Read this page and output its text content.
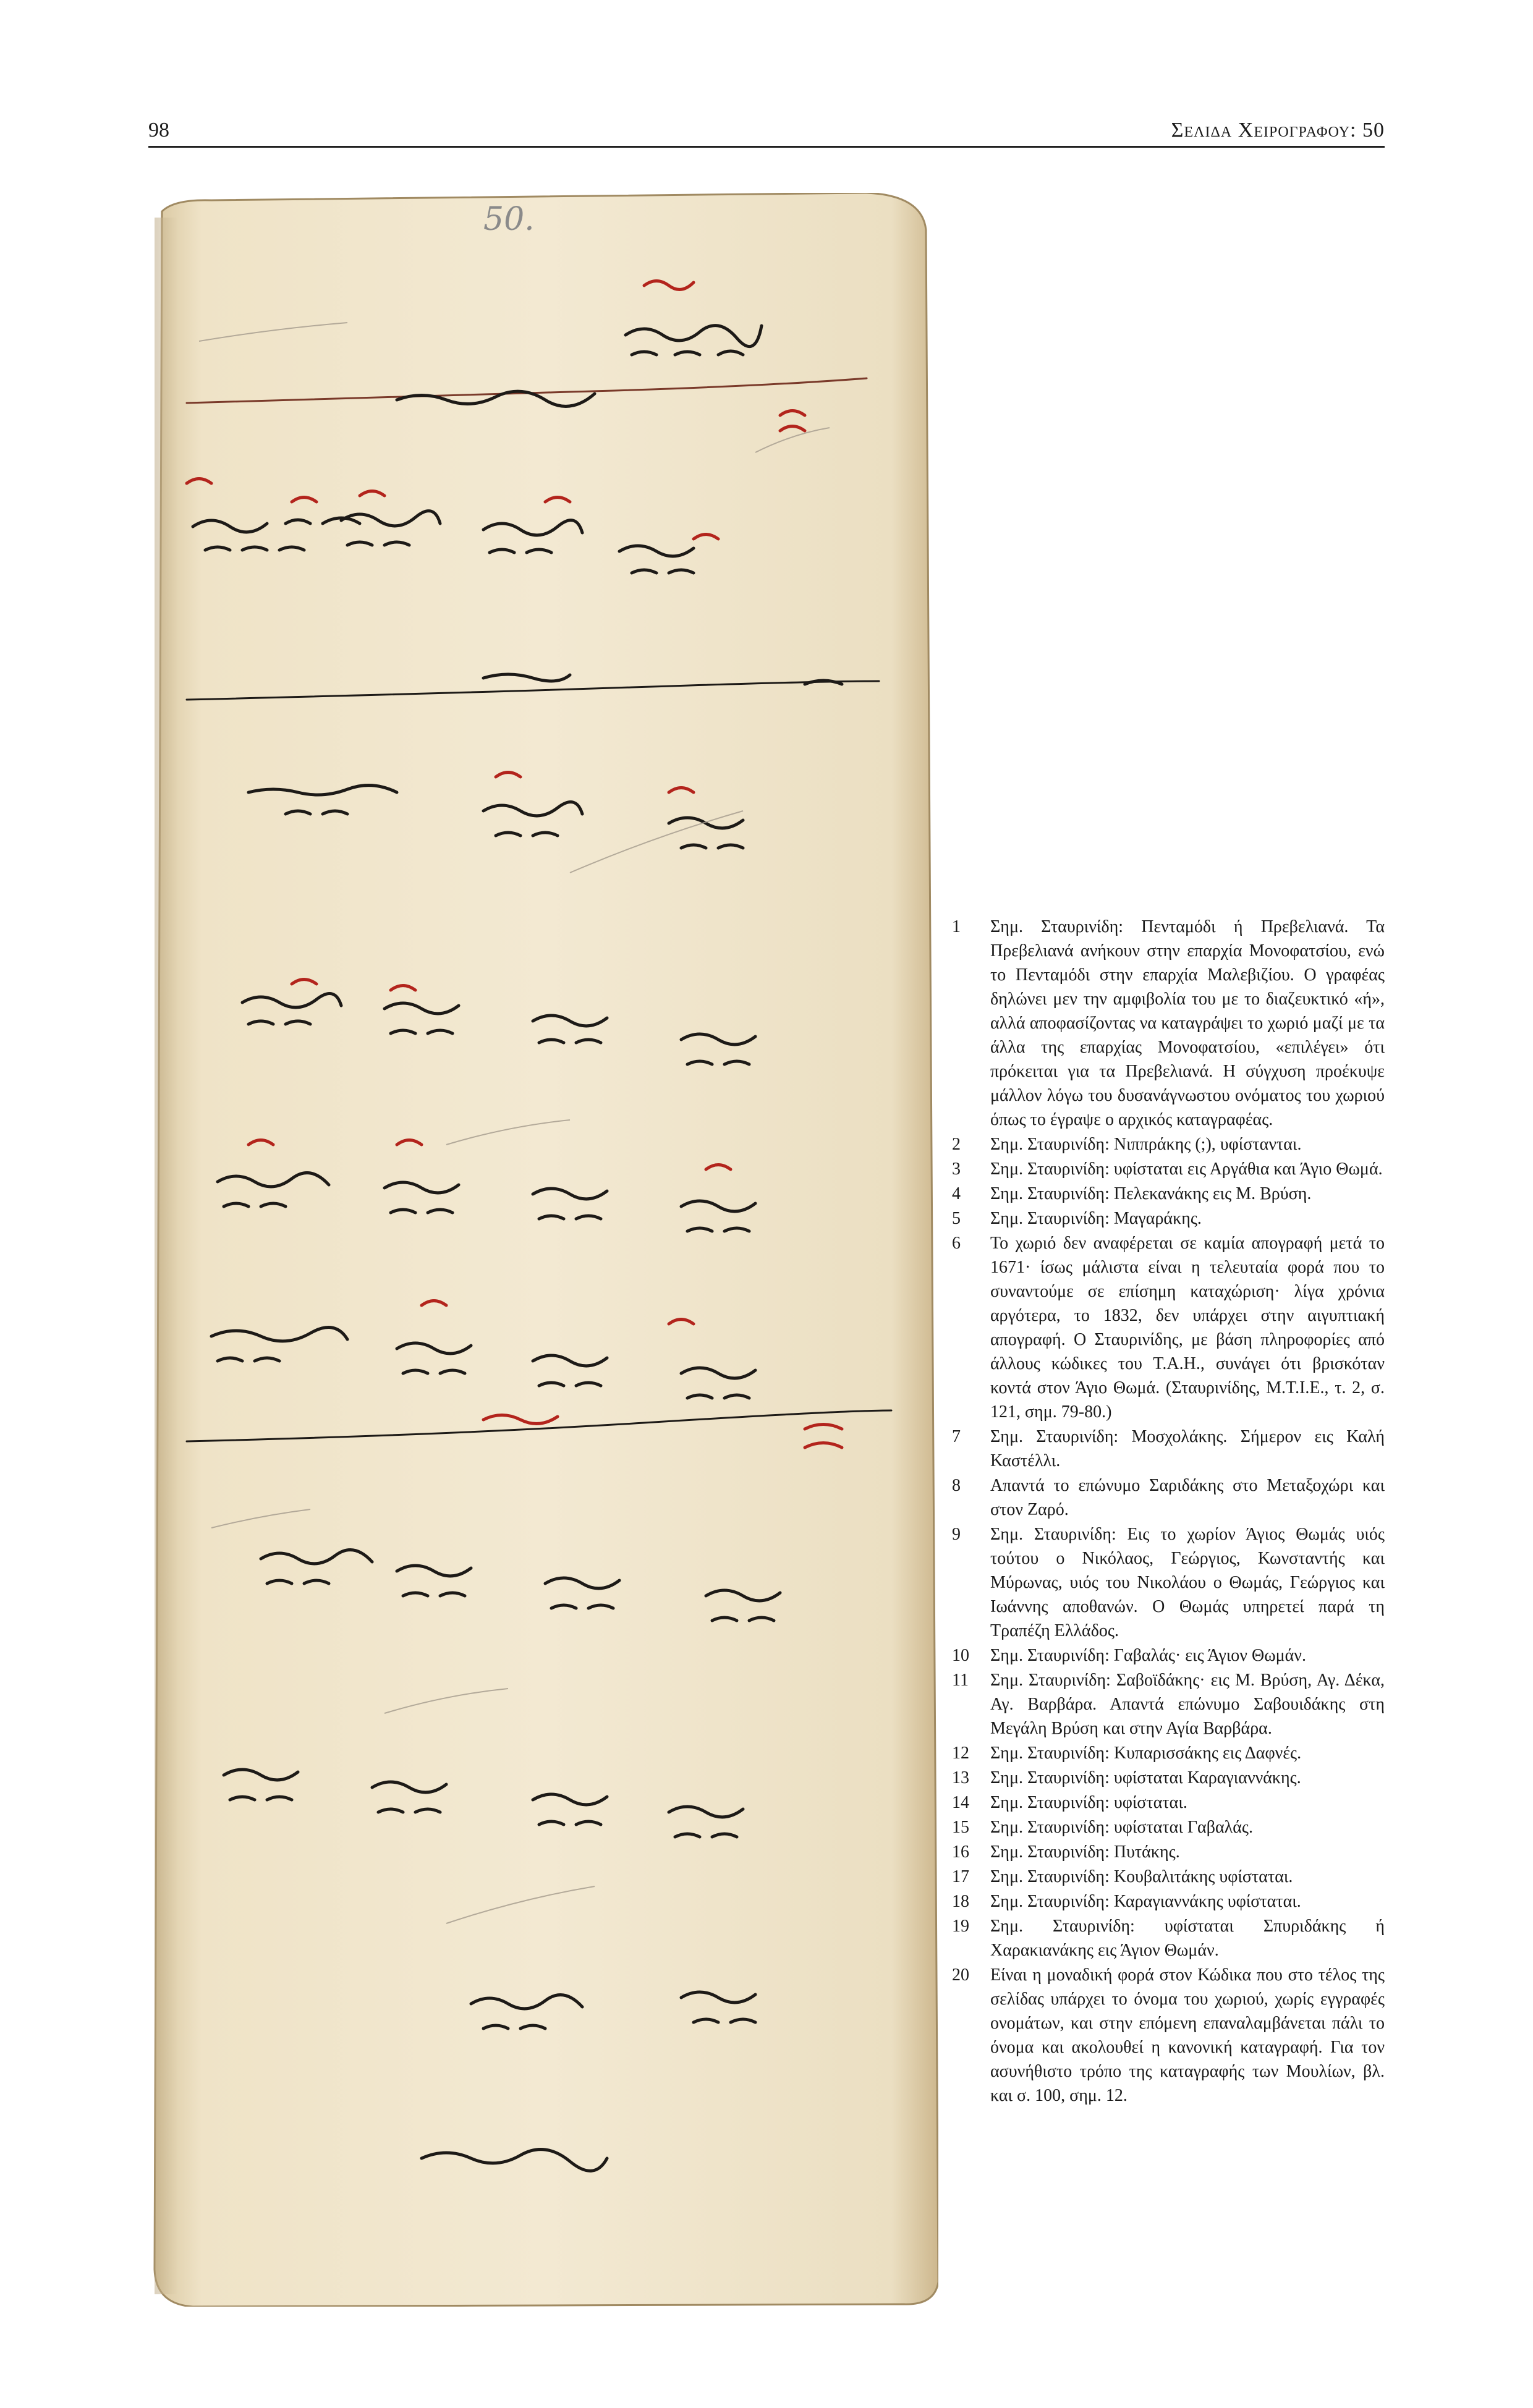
98	Σελιδα Χειρογραφου: 50
50.
1	Σημ. Σταυρινίδη: Πενταμόδι ή Πρεβελιανά. Τα Πρεβελιανά ανήκουν στην επαρχία Μονοφατσίου, ενώ το Πενταμόδι στην επαρχία Μαλεβιζίου. Ο γραφέας δηλώνει μεν την αμφιβολία του με το διαζευκτικό «ή», αλλά αποφασίζοντας να καταγράψει το χωριό μαζί με τα άλλα της επαρχίας Μονοφατσίου, «επιλέγει» ότι πρόκειται για τα Πρεβελιανά. Η σύγχυση προέκυψε μάλλον λόγω του δυσανάγνωστου ονόματος του χωριού όπως το έγραψε ο αρχικός καταγραφέας.
2	Σημ. Σταυρινίδη: Νιππράκης (;), υφίστανται.
3	Σημ. Σταυρινίδη: υφίσταται εις Αργάθια και Άγιο Θωμά.
4	Σημ. Σταυρινίδη: Πελεκανάκης εις Μ. Βρύση.
5	Σημ. Σταυρινίδη: Μαγαράκης.
6	Το χωριό δεν αναφέρεται σε καμία απογραφή μετά το 1671· ίσως μάλιστα είναι η τελευταία φορά που το συναντούμε σε επίσημη καταχώριση· λίγα χρόνια αργότερα, το 1832, δεν υπάρχει στην αιγυπτιακή απογραφή. Ο Σταυρινίδης, με βάση πληροφορίες από άλλους κώδικες του Τ.Α.Η., συνάγει ότι βρισκόταν κοντά στον Άγιο Θωμά. (Σταυρινίδης, Μ.Τ.Ι.Ε., τ. 2, σ. 121, σημ. 79-80.)
7	Σημ. Σταυρινίδη: Μοσχολάκης. Σήμερον εις Καλή Καστέλλι.
8	Απαντά το επώνυμο Σαριδάκης στο Μεταξοχώρι και στον Ζαρό.
9	Σημ. Σταυρινίδη: Εις το χωρίον Άγιος Θωμάς υιός τούτου ο Νικόλαος, Γεώργιος, Κωνσταντής και Μύρωνας, υιός του Νικολάου ο Θωμάς, Γεώργιος και Ιωάννης αποθανών. Ο Θωμάς υπηρετεί παρά τη Τραπέζη Ελλάδος.
10	Σημ. Σταυρινίδη: Γαβαλάς· εις Άγιον Θωμάν.
11	Σημ. Σταυρινίδη: Σαβοϊδάκης· εις Μ. Βρύση, Αγ. Δέκα, Αγ. Βαρβάρα. Απαντά επώνυμο Σαβουιδάκης στη Μεγάλη Βρύση και στην Αγία Βαρβάρα.
12	Σημ. Σταυρινίδη: Κυπαρισσάκης εις Δαφνές.
13	Σημ. Σταυρινίδη: υφίσταται Καραγιαννάκης.
14	Σημ. Σταυρινίδη: υφίσταται.
15	Σημ. Σταυρινίδη: υφίσταται Γαβαλάς.
16	Σημ. Σταυρινίδη: Πυτάκης.
17	Σημ. Σταυρινίδη: Κουβαλιτάκης υφίσταται.
18	Σημ. Σταυρινίδη: Καραγιαννάκης υφίσταται.
19	Σημ. Σταυρινίδη: υφίσταται Σπυριδάκης ή Χαρακιανάκης εις Άγιον Θωμάν.
20	Είναι η μοναδική φορά στον Κώδικα που στο τέλος της σελίδας υπάρχει το όνομα του χωριού, χωρίς εγγραφές ονομάτων, και στην επόμενη επαναλαμβάνεται πάλι το όνομα και ακολουθεί η κανονική καταγραφή. Για τον ασυνήθιστο τρόπο της καταγραφής των Μουλίων, βλ. και σ. 100, σημ. 12.
